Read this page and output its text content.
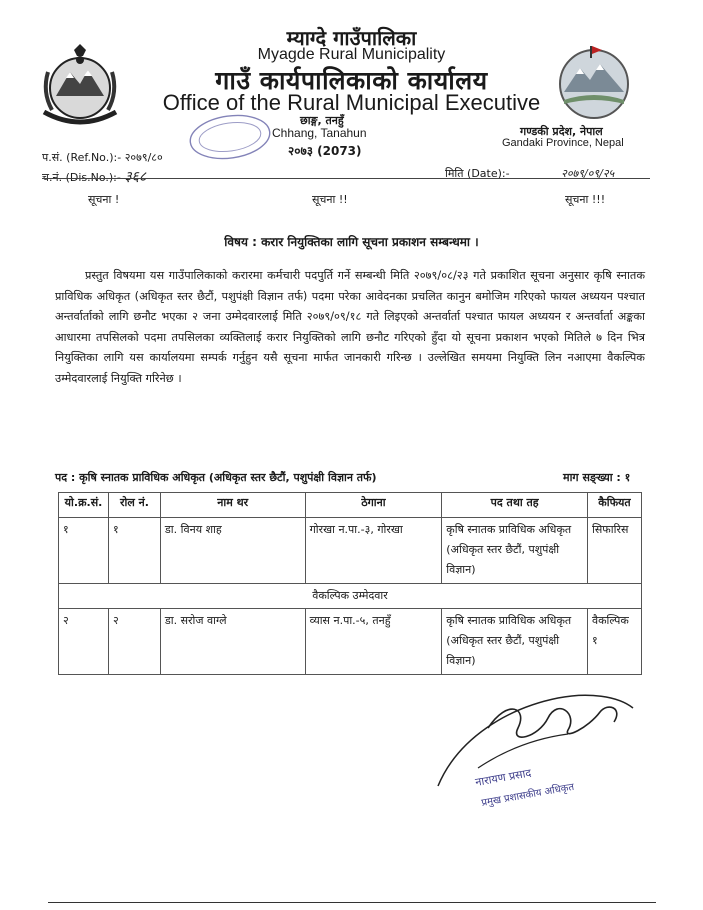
म्याग्दे गाउँपालिका
Myagde Rural Municipality
गाउँ कार्यपालिकाको कार्यालय
Office of the Rural Municipal Executive
छाङ्ग, तनहुँ
Chhang, Tanahun
२०७३ (2073)
गण्डकी प्रदेश, नेपाल
Gandaki Province, Nepal
प.सं. (Ref.No.):- २०७९/८०
च.नं. (Dis.No.):- ३६८	मिति (Date):-	२०७९/०९/२५
सूचना !	सूचना !!	सूचना !!!
विषय : करार नियुक्तिका लागि सूचना प्रकाशन सम्बन्धमा ।
प्रस्तुत विषयमा यस गाउँपालिकाको करारमा कर्मचारी पदपुर्ति गर्ने सम्बन्धी मिति २०७९/०८/२३ गते प्रकाशित सूचना अनुसार कृषि स्नातक प्राविधिक अधिकृत (अधिकृत स्तर छैटौं, पशुपंक्षी विज्ञान तर्फ) पदमा परेका आवेदनका प्रचलित कानुन बमोजिम गरिएको फायल अध्ययन पश्चात अन्तर्वार्ताको लागि छनौट भएका २ जना उम्मेदवारलाई मिति २०७९/०९/१८ गते लिइएको अन्तर्वार्ता पश्चात फायल अध्ययन र अन्तर्वार्ता अङ्कका आधारमा तपसिलको पदमा तपसिलका व्यक्तिलाई करार नियुक्तिको लागि छनौट गरिएको हुँदा यो सूचना प्रकाशन भएको मितिले ७ दिन भित्र नियुक्तिका लागि यस कार्यालयमा सम्पर्क गर्नुहुन यसै सूचना मार्फत जानकारी गरिन्छ । उल्लेखित समयमा नियुक्ति लिन नआएमा वैकल्पिक उम्मेदवारलाई नियुक्ति गरिनेछ ।
पद : कृषि स्नातक प्राविधिक अधिकृत (अधिकृत स्तर छैटौं, पशुपंक्षी विज्ञान तर्फ)	माग सङ्ख्या : १
यो.क्र.सं.	रोल नं.	नाम थर	ठेगाना	पद तथा तह	कैफियत
१	१	डा. विनय शाह	गोरखा न.पा.-३, गोरखा	कृषि स्नातक प्राविधिक अधिकृत (अधिकृत स्तर छैटौं, पशुपंक्षी विज्ञान)	सिफारिस
वैकल्पिक उम्मेदवार					
२	२	डा. सरोज वाग्ले	व्यास न.पा.-५, तनहुँ	कृषि स्नातक प्राविधिक अधिकृत (अधिकृत स्तर छैटौं, पशुपंक्षी विज्ञान)	वैकल्पिक १
नारायण प्रसाद
प्रमुख प्रशासकीय अधिकृत
